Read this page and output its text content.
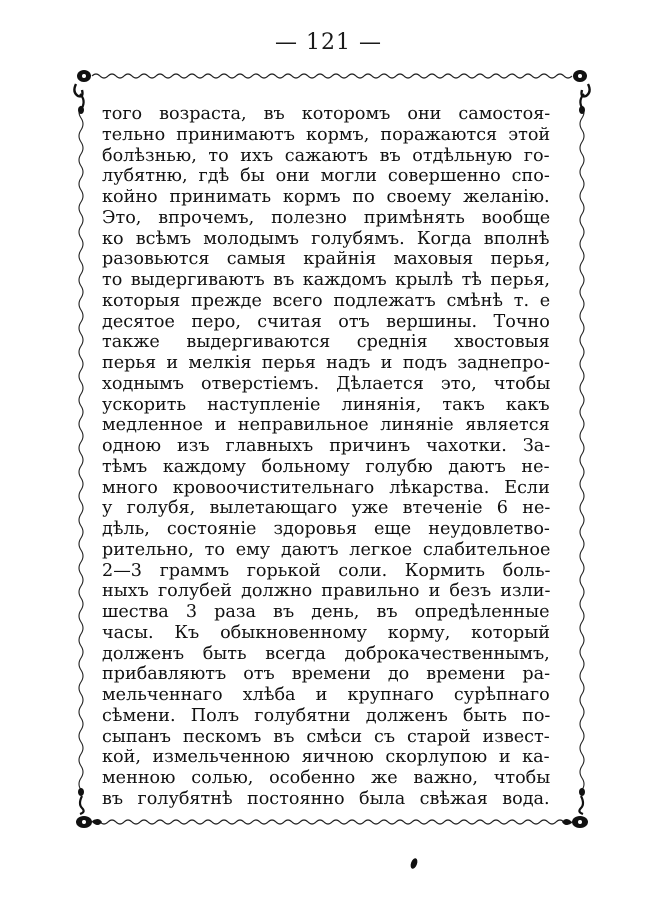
— 121 —
того возраста, въ которомъ они самостоя-
тельно принимаютъ кормъ, поражаются этой
болѣзнью, то ихъ сажаютъ въ отдѣльную го-
лубятню, гдѣ бы они могли совершенно спо-
койно принимать кормъ по своему желанію.
Это, впрочемъ, полезно примѣнять вообще
ко всѣмъ молодымъ голубямъ. Когда вполнѣ
разовьются самыя крайнія маховыя перья,
то выдергиваютъ въ каждомъ крылѣ тѣ перья,
которыя прежде всего подлежатъ смѣнѣ т. е
десятое перо, считая отъ вершины. Точно
также выдергиваются среднія хвостовыя
перья и мелкія перья надъ и подъ заднепро-
ходнымъ отверстіемъ. Дѣлается это, чтобы
ускорить наступленіе линянія, такъ какъ
медленное и неправильное линяніе является
одною изъ главныхъ причинъ чахотки. За-
тѣмъ каждому больному голубю даютъ не-
много кровоочистительнаго лѣкарства. Если
у голубя, вылетающаго уже втеченіе 6 не-
дѣль, состояніе здоровья еще неудовлетво-
рительно, то ему даютъ легкое слабительное
2—3 граммъ горькой соли. Кормить боль-
ныхъ голубей должно правильно и безъ изли-
шества 3 раза въ день, въ опредѣленные
часы. Къ обыкновенному корму, который
долженъ быть всегда доброкачественнымъ,
прибавляютъ отъ времени до времени ра-
мельченнаго хлѣба и крупнаго сурѣпнаго
сѣмени. Полъ голубятни долженъ быть по-
сыпанъ пескомъ въ смѣси съ старой извест-
кой, измельченною яичною скорлупою и ка-
менною солью, особенно же важно, чтобы
въ голубятнѣ постоянно была свѣжая вода.
